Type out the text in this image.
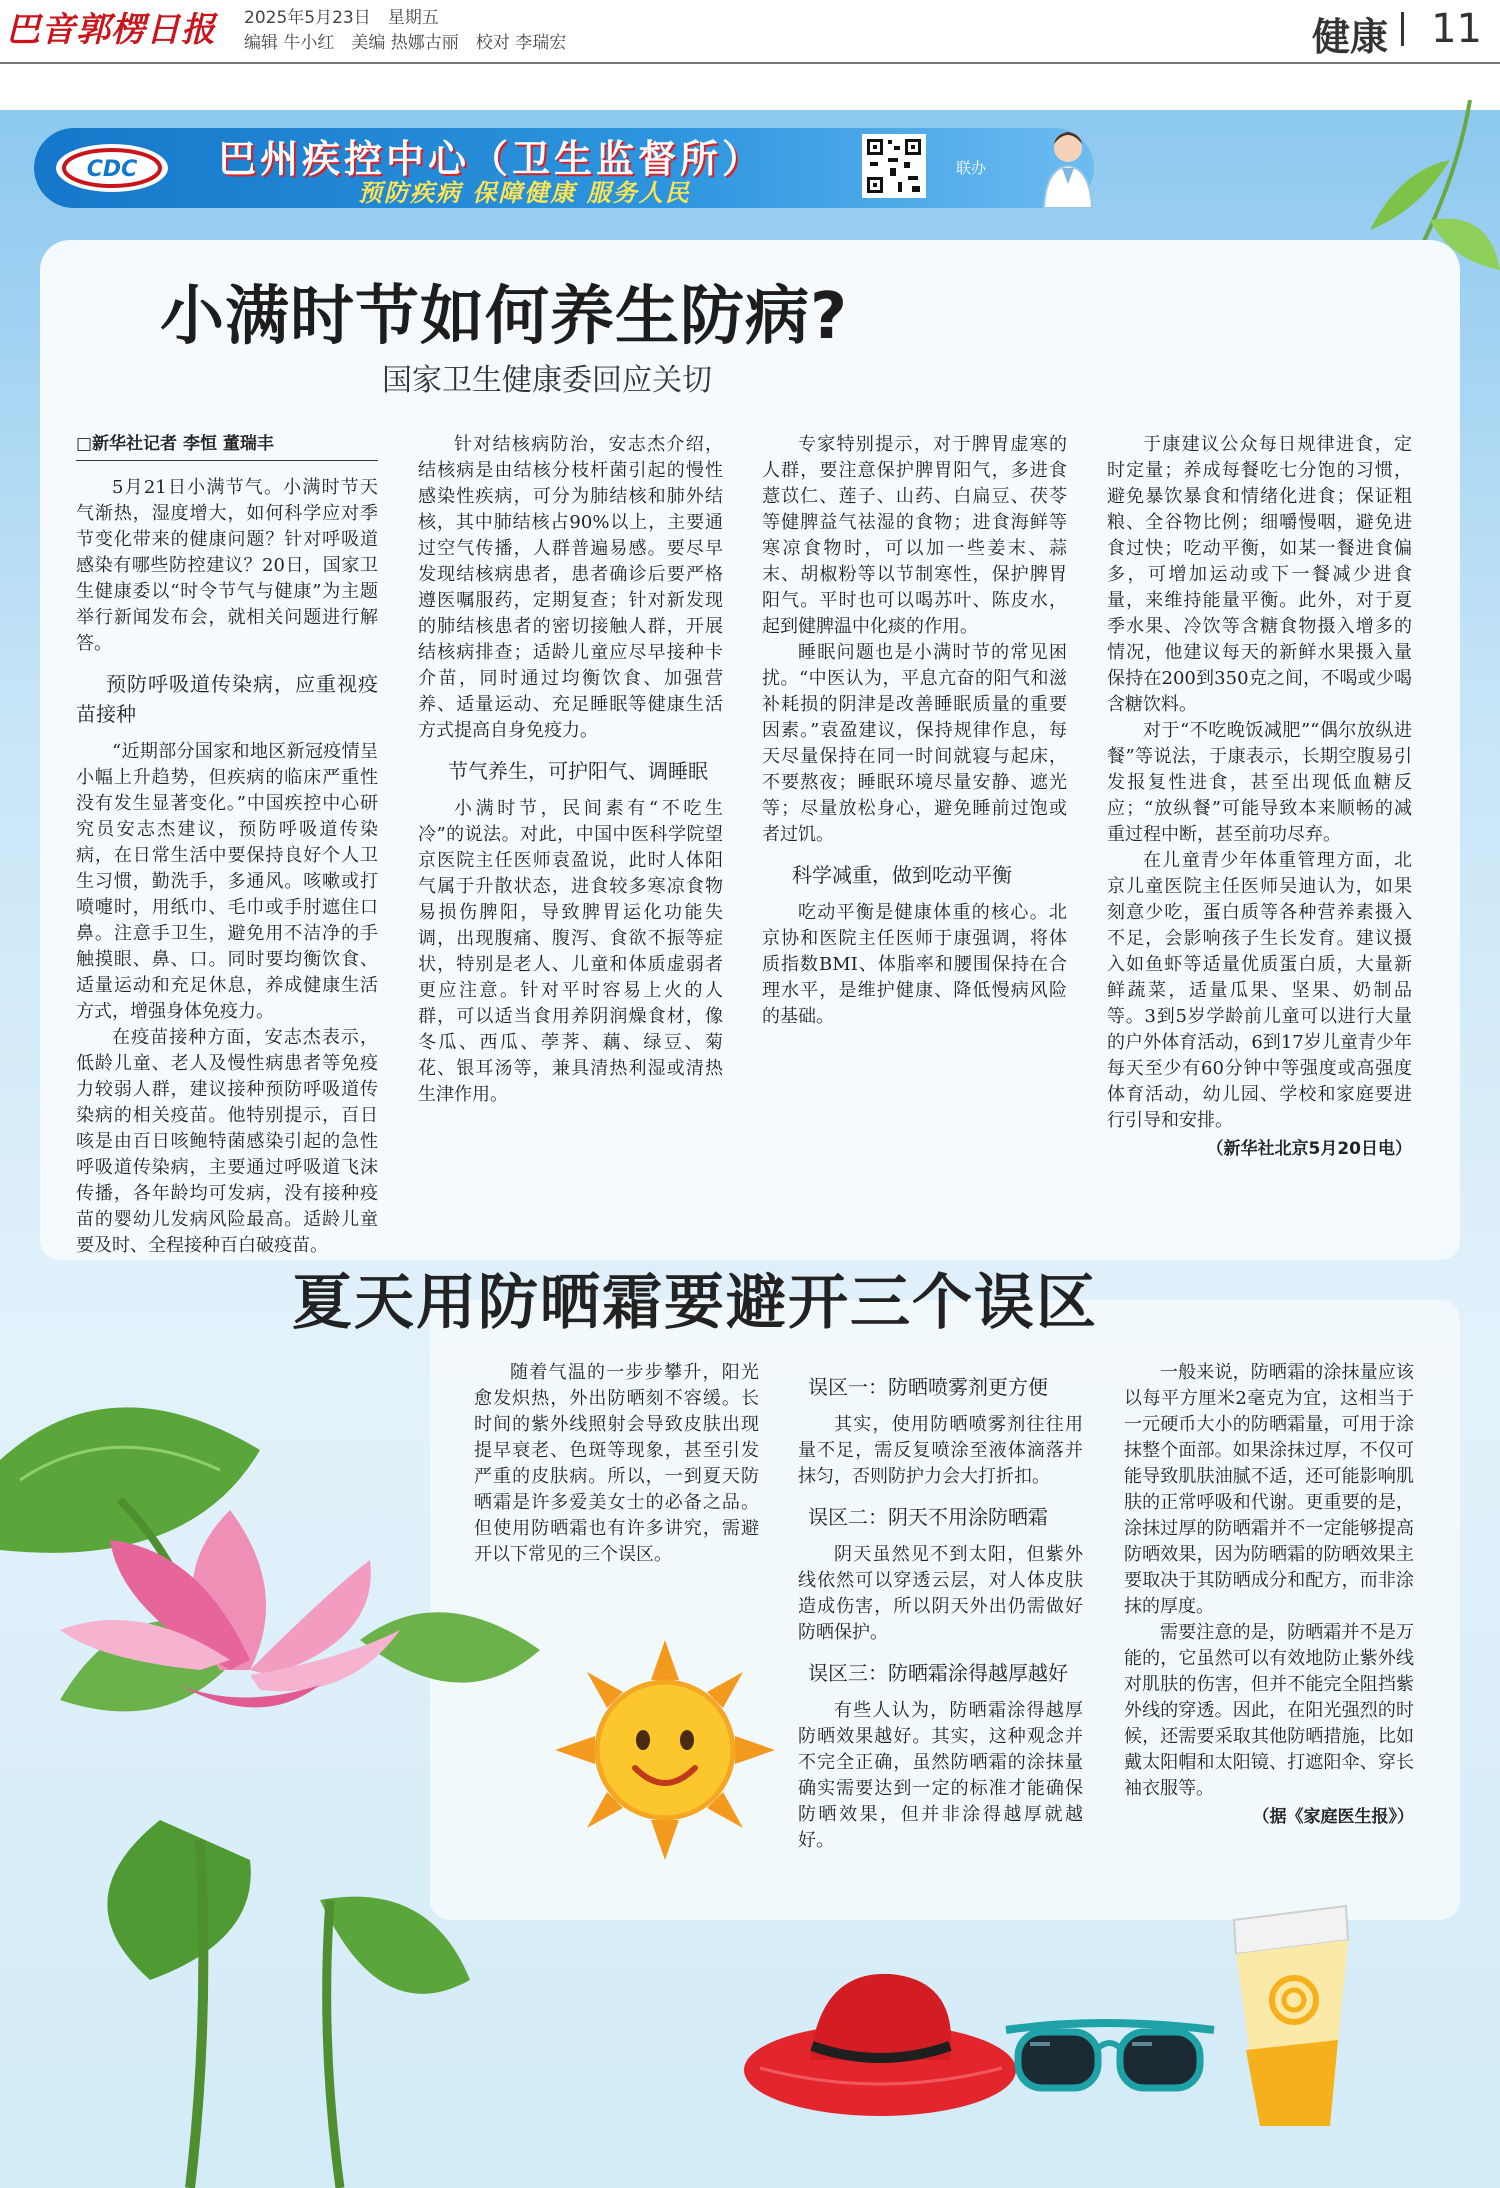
巴音郭楞日报 2025年5月23日　星期五
编辑 牛小红　美编 热娜古丽　校对 李瑞宏	健康 11
CDC 巴州疾控中心（卫生监督所）
预防疾病 保障健康 服务人民
联办
小满时节如何养生防病?
国家卫生健康委回应关切
□新华社记者 李恒 董瑞丰

5月21日小满节气。小满时节天气渐热，湿度增大，如何科学应对季节变化带来的健康问题？针对呼吸道感染有哪些防控建议？20日，国家卫生健康委以“时令节气与健康”为主题举行新闻发布会，就相关问题进行解答。

预防呼吸道传染病，应重视疫苗接种

“近期部分国家和地区新冠疫情呈小幅上升趋势，但疾病的临床严重性没有发生显著变化。”中国疾控中心研究员安志杰建议，预防呼吸道传染病，在日常生活中要保持良好个人卫生习惯，勤洗手，多通风。咳嗽或打喷嚏时，用纸巾、毛巾或手肘遮住口鼻。注意手卫生，避免用不洁净的手触摸眼、鼻、口。同时要均衡饮食、适量运动和充足休息，养成健康生活方式，增强身体免疫力。

在疫苗接种方面，安志杰表示，低龄儿童、老人及慢性病患者等免疫力较弱人群，建议接种预防呼吸道传染病的相关疫苗。他特别提示，百日咳是由百日咳鲍特菌感染引起的急性呼吸道传染病，主要通过呼吸道飞沫传播，各年龄均可发病，没有接种疫苗的婴幼儿发病风险最高。适龄儿童要及时、全程接种百白破疫苗。

针对结核病防治，安志杰介绍，结核病是由结核分枝杆菌引起的慢性感染性疾病，可分为肺结核和肺外结核，其中肺结核占90%以上，主要通过空气传播，人群普遍易感。要尽早发现结核病患者，患者确诊后要严格遵医嘱服药，定期复查；针对新发现的肺结核患者的密切接触人群，开展结核病排查；适龄儿童应尽早接种卡介苗，同时通过均衡饮食、加强营养、适量运动、充足睡眠等健康生活方式提高自身免疫力。

节气养生，可护阳气、调睡眠

小满时节，民间素有“不吃生冷”的说法。对此，中国中医科学院望京医院主任医师袁盈说，此时人体阳气属于升散状态，进食较多寒凉食物易损伤脾阳，导致脾胃运化功能失调，出现腹痛、腹泻、食欲不振等症状，特别是老人、儿童和体质虚弱者更应注意。针对平时容易上火的人群，可以适当食用养阴润燥食材，像冬瓜、西瓜、荸荠、藕、绿豆、菊花、银耳汤等，兼具清热利湿或清热生津作用。

专家特别提示，对于脾胃虚寒的人群，要注意保护脾胃阳气，多进食薏苡仁、莲子、山药、白扁豆、茯苓等健脾益气祛湿的食物；进食海鲜等寒凉食物时，可以加一些姜末、蒜末、胡椒粉等以节制寒性，保护脾胃阳气。平时也可以喝苏叶、陈皮水，起到健脾温中化痰的作用。

睡眠问题也是小满时节的常见困扰。“中医认为，平息亢奋的阳气和滋补耗损的阴津是改善睡眠质量的重要因素。”袁盈建议，保持规律作息，每天尽量保持在同一时间就寝与起床，不要熬夜；睡眠环境尽量安静、遮光等；尽量放松身心，避免睡前过饱或者过饥。

科学减重，做到吃动平衡

吃动平衡是健康体重的核心。北京协和医院主任医师于康强调，将体质指数BMI、体脂率和腰围保持在合理水平，是维护健康、降低慢病风险的基础。

于康建议公众每日规律进食，定时定量；养成每餐吃七分饱的习惯，避免暴饮暴食和情绪化进食；保证粗粮、全谷物比例；细嚼慢咽，避免进食过快；吃动平衡，如某一餐进食偏多，可增加运动或下一餐减少进食量，来维持能量平衡。此外，对于夏季水果、冷饮等含糖食物摄入增多的情况，他建议每天的新鲜水果摄入量保持在200到350克之间，不喝或少喝含糖饮料。

对于“不吃晚饭减肥”“偶尔放纵进餐”等说法，于康表示，长期空腹易引发报复性进食，甚至出现低血糖反应；“放纵餐”可能导致本来顺畅的减重过程中断，甚至前功尽弃。

在儿童青少年体重管理方面，北京儿童医院主任医师吴迪认为，如果刻意少吃，蛋白质等各种营养素摄入不足，会影响孩子生长发育。建议摄入如鱼虾等适量优质蛋白质，大量新鲜蔬菜，适量瓜果、坚果、奶制品等。3到5岁学龄前儿童可以进行大量的户外体育活动，6到17岁儿童青少年每天至少有60分钟中等强度或高强度体育活动，幼儿园、学校和家庭要进行引导和安排。

（新华社北京5月20日电）
夏天用防晒霜要避开三个误区

随着气温的一步步攀升，阳光愈发炽热，外出防晒刻不容缓。长时间的紫外线照射会导致皮肤出现提早衰老、色斑等现象，甚至引发严重的皮肤病。所以，一到夏天防晒霜是许多爱美女士的必备之品。但使用防晒霜也有许多讲究，需避开以下常见的三个误区。

误区一：防晒喷雾剂更方便

其实，使用防晒喷雾剂往往用量不足，需反复喷涂至液体滴落并抹匀，否则防护力会大打折扣。

误区二：阴天不用涂防晒霜

阴天虽然见不到太阳，但紫外线依然可以穿透云层，对人体皮肤造成伤害，所以阴天外出仍需做好防晒保护。

误区三：防晒霜涂得越厚越好

有些人认为，防晒霜涂得越厚防晒效果越好。其实，这种观念并不完全正确，虽然防晒霜的涂抹量确实需要达到一定的标准才能确保防晒效果，但并非涂得越厚就越好。

一般来说，防晒霜的涂抹量应该以每平方厘米2毫克为宜，这相当于一元硬币大小的防晒霜量，可用于涂抹整个面部。如果涂抹过厚，不仅可能导致肌肤油腻不适，还可能影响肌肤的正常呼吸和代谢。更重要的是，涂抹过厚的防晒霜并不一定能够提高防晒效果，因为防晒霜的防晒效果主要取决于其防晒成分和配方，而非涂抹的厚度。

需要注意的是，防晒霜并不是万能的，它虽然可以有效地防止紫外线对肌肤的伤害，但并不能完全阻挡紫外线的穿透。因此，在阳光强烈的时候，还需要采取其他防晒措施，比如戴太阳帽和太阳镜、打遮阳伞、穿长袖衣服等。

（据《家庭医生报》）
